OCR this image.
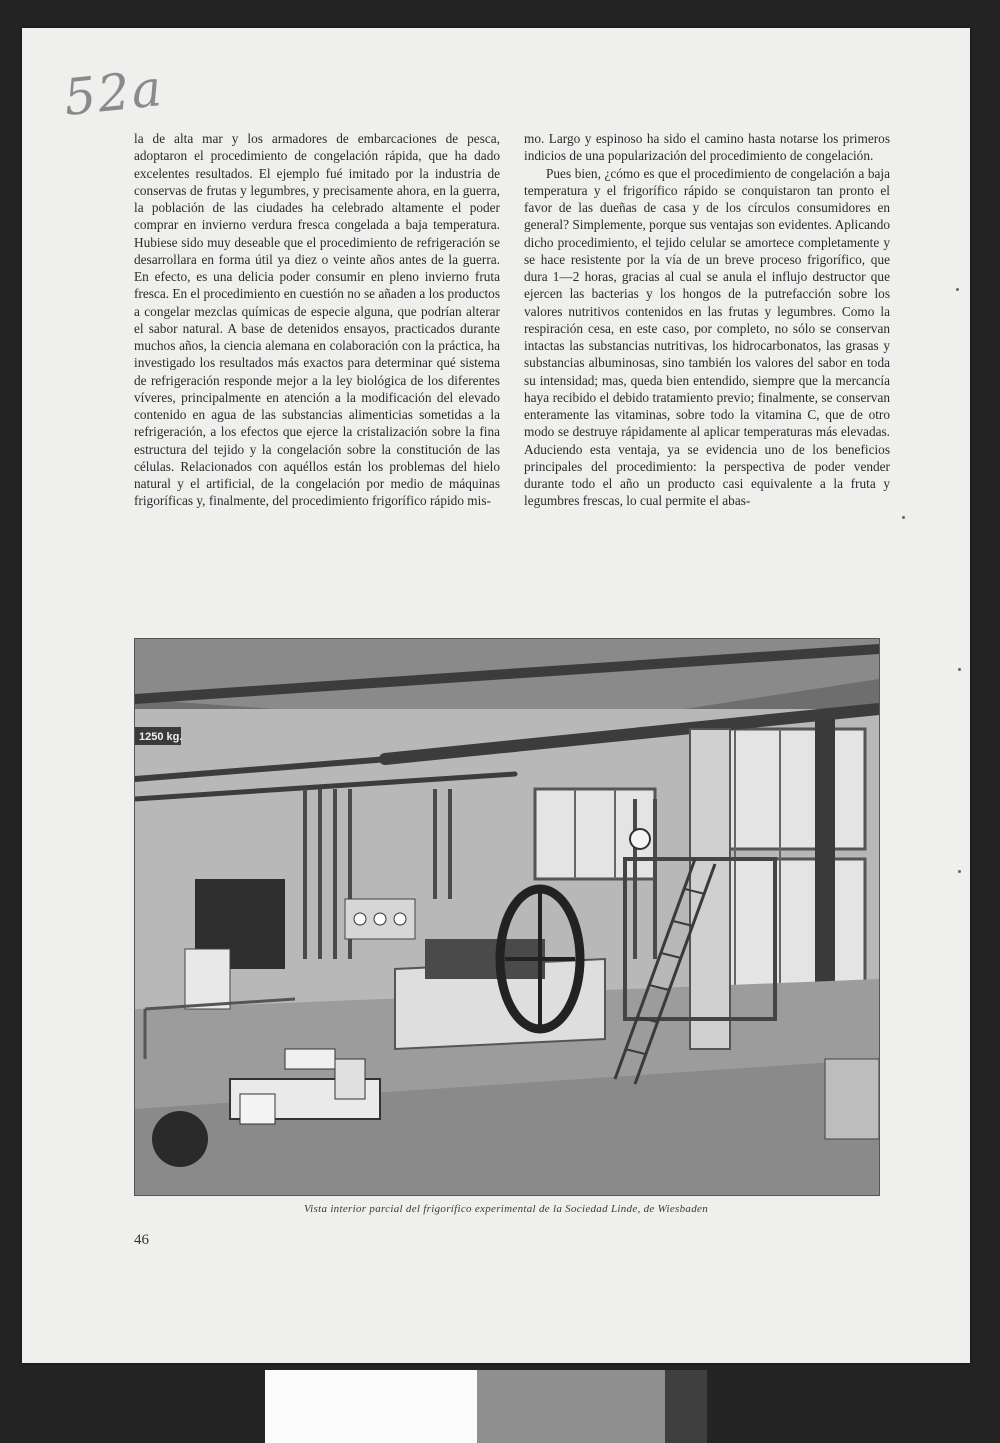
52a

la de alta mar y los armadores de embarcaciones de pesca, adoptaron el procedimiento de congelación rápida, que ha dado excelentes resultados. El ejemplo fué imitado por la industria de conservas de frutas y legumbres, y precisamente ahora, en la guerra, la población de las ciudades ha celebrado altamente el poder comprar en invierno verdura fresca congelada a baja temperatura. Hubiese sido muy deseable que el procedimiento de refrigeración se desarrollara en forma útil ya diez o veinte años antes de la guerra. En efecto, es una delicia poder consumir en pleno invierno fruta fresca. En el procedimiento en cuestión no se añaden a los productos a congelar mezclas químicas de especie alguna, que podrían alterar el sabor natural. A base de detenidos ensayos, practicados durante muchos años, la ciencia alemana en colaboración con la práctica, ha investigado los resultados más exactos para determinar qué sistema de refrigeración responde mejor a la ley biológica de los diferentes víveres, principalmente en atención a la modificación del elevado contenido en agua de las substancias alimenticias sometidas a la refrigeración, a los efectos que ejerce la cristalización sobre la fina estructura del tejido y la congelación sobre la constitución de las células. Relacionados con aquéllos están los problemas del hielo natural y el artificial, de la congelación por medio de máquinas frigoríficas y, finalmente, del procedimiento frigorífico rápido mis-

mo. Largo y espinoso ha sido el camino hasta notarse los primeros indicios de una popularización del procedimiento de congelación.

Pues bien, ¿cómo es que el procedimiento de congelación a baja temperatura y el frigorífico rápido se conquistaron tan pronto el favor de las dueñas de casa y de los círculos consumidores en general? Simplemente, porque sus ventajas son evidentes. Aplicando dicho procedimiento, el tejido celular se amortece completamente y se hace resistente por la vía de un breve proceso frigorífico, que dura 1—2 horas, gracias al cual se anula el influjo destructor que ejercen las bacterias y los hongos de la putrefacción sobre los valores nutritivos contenidos en las frutas y legumbres. Como la respiración cesa, en este caso, por completo, no sólo se conservan intactas las substancias nutritivas, los hidrocarbonatos, las grasas y substancias albuminosas, sino también los valores del sabor en toda su intensidad; mas, queda bien entendido, siempre que la mercancía haya recibido el debido tratamiento previo; finalmente, se conservan enteramente las vitaminas, sobre todo la vitamina C, que de otro modo se destruye rápidamente al aplicar temperaturas más elevadas. Aduciendo esta ventaja, ya se evidencia uno de los beneficios principales del procedimiento: la perspectiva de poder vender durante todo el año un producto casi equivalente a la fruta y legumbres frescas, lo cual permite el abas-

1250 kg.
Vista interior parcial del frigorífico experimental de la Sociedad Linde, de Wiesbaden
46
